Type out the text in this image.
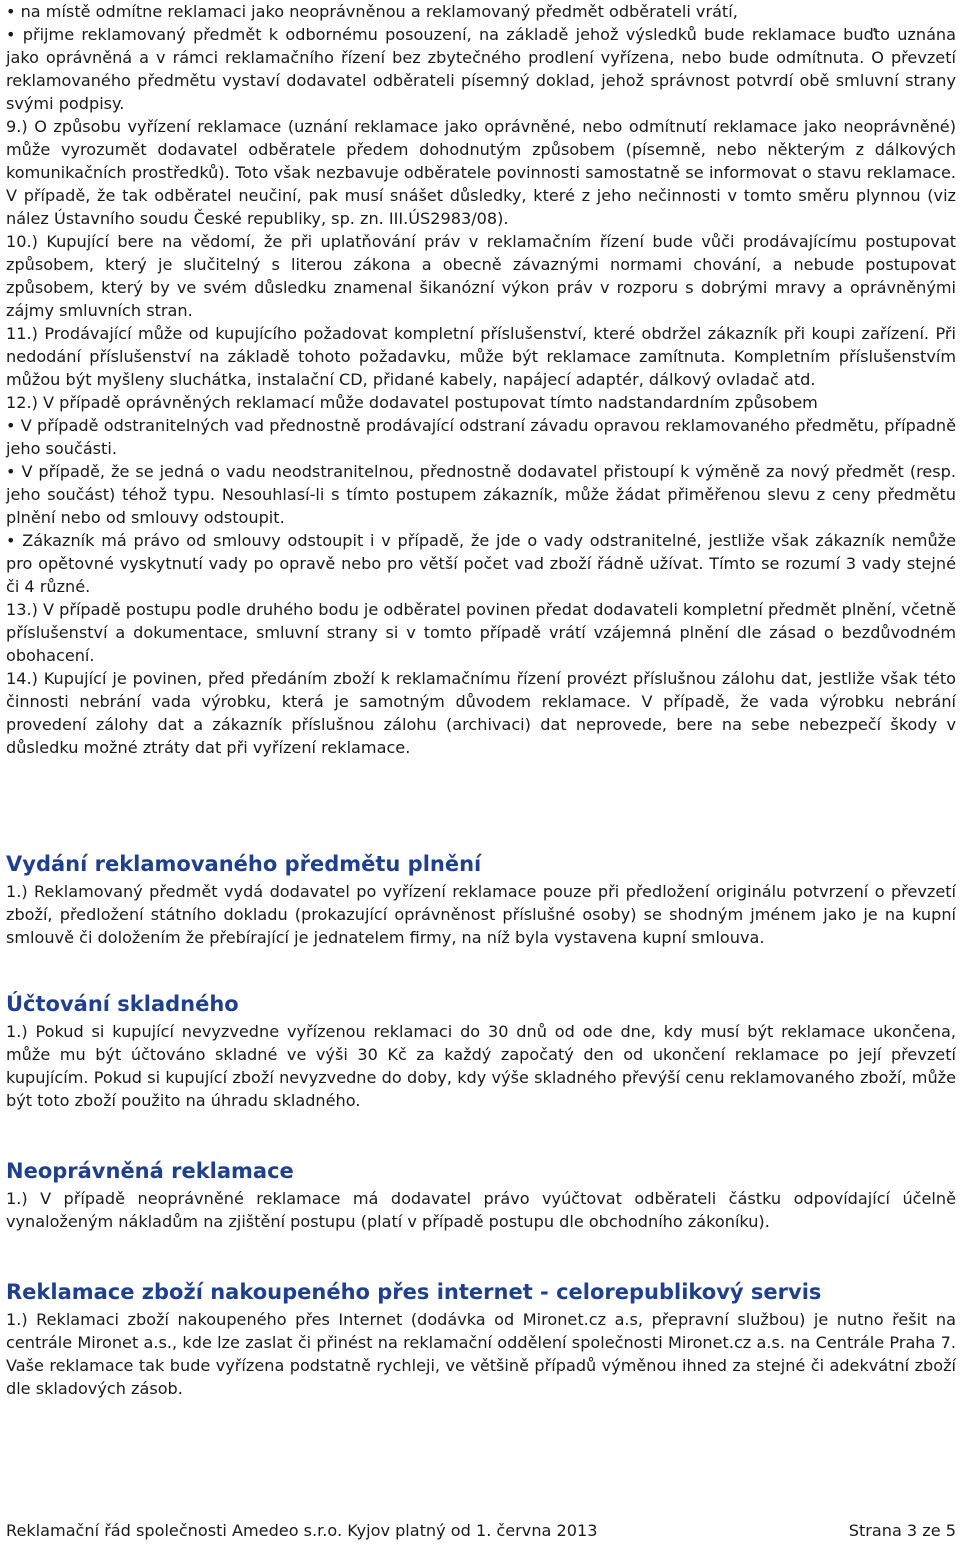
• na místě odmítne reklamaci jako neoprávněnou a reklamovaný předmět odběrateli vrátí,

• přijme reklamovaný předmět k odbornému posouzení, na základě jehož výsledků bude reklamace buďto uznána jako oprávněná a v rámci reklamačního řízení bez zbytečného prodlení vyřízena, nebo bude odmítnuta. O převzetí reklamovaného předmětu vystaví dodavatel odběrateli písemný doklad, jehož správnost potvrdí obě smluvní strany svými podpisy.

9.) O způsobu vyřízení reklamace (uznání reklamace jako oprávněné, nebo odmítnutí reklamace jako neoprávněné) může vyrozumět dodavatel odběratele předem dohodnutým způsobem (písemně, nebo některým z dálkových komunikačních prostředků). Toto však nezbavuje odběratele povinnosti samostatně se informovat o stavu reklamace. V případě, že tak odběratel neučiní, pak musí snášet důsledky, které z jeho nečinnosti v tomto směru plynnou (viz nález Ústavního soudu České republiky, sp. zn. III.ÚS2983/08).

10.) Kupující bere na vědomí, že při uplatňování práv v reklamačním řízení bude vůči prodávajícímu postupovat způsobem, který je slučitelný s literou zákona a obecně závaznými normami chování, a nebude postupovat způsobem, který by ve svém důsledku znamenal šikanózní výkon práv v rozporu s dobrými mravy a oprávněnými zájmy smluvních stran.

11.) Prodávající může od kupujícího požadovat kompletní příslušenství, které obdržel zákazník při koupi zařízení. Při nedodání příslušenství na základě tohoto požadavku, může být reklamace zamítnuta. Kompletním příslušenstvím můžou být myšleny sluchátka, instalační CD, přidané kabely, napájecí adaptér, dálkový ovladač atd.

12.) V případě oprávněných reklamací může dodavatel postupovat tímto nadstandardním způsobem

• V případě odstranitelných vad přednostně prodávající odstraní závadu opravou reklamovaného předmětu, případně jeho součásti.

• V případě, že se jedná o vadu neodstranitelnou, přednostně dodavatel přistoupí k výměně za nový předmět (resp. jeho součást) téhož typu. Nesouhlasí-li s tímto postupem zákazník, může žádat přiměřenou slevu z ceny předmětu plnění nebo od smlouvy odstoupit.

• Zákazník má právo od smlouvy odstoupit i v případě, že jde o vady odstranitelné, jestliže však zákazník nemůže pro opětovné vyskytnutí vady po opravě nebo pro větší počet vad zboží řádně užívat. Tímto se rozumí 3 vady stejné či 4 různé.

13.) V případě postupu podle druhého bodu je odběratel povinen předat dodavateli kompletní předmět plnění, včetně příslušenství a dokumentace, smluvní strany si v tomto případě vrátí vzájemná plnění dle zásad o bezdůvodném obohacení.

14.) Kupující je povinen, před předáním zboží k reklamačnímu řízení provézt příslušnou zálohu dat, jestliže však této činnosti nebrání vada výrobku, která je samotným důvodem reklamace. V případě, že vada výrobku nebrání provedení zálohy dat a zákazník příslušnou zálohu (archivaci) dat neprovede, bere na sebe nebezpečí škody v důsledku možné ztráty dat při vyřízení reklamace.

Vydání reklamovaného předmětu plnění

1.) Reklamovaný předmět vydá dodavatel po vyřízení reklamace pouze při předložení originálu potvrzení o převzetí zboží, předložení státního dokladu (prokazující oprávněnost příslušné osoby) se shodným jménem jako je na kupní smlouvě či doložením že přebírající je jednatelem firmy, na níž byla vystavena kupní smlouva.

Účtování skladného

1.) Pokud si kupující nevyzvedne vyřízenou reklamaci do 30 dnů od ode dne, kdy musí být reklamace ukončena, může mu být účtováno skladné ve výši 30 Kč za každý započatý den od ukončení reklamace po její převzetí kupujícím. Pokud si kupující zboží nevyzvedne do doby, kdy výše skladného převýší cenu reklamovaného zboží, může být toto zboží použito na úhradu skladného.

Neoprávněná reklamace

1.) V případě neoprávněné reklamace má dodavatel právo vyúčtovat odběrateli částku odpovídající účelně vynaloženým nákladům na zjištění postupu (platí v případě postupu dle obchodního zákoníku).

Reklamace zboží nakoupeného přes internet - celorepublikový servis

1.) Reklamaci zboží nakoupeného přes Internet (dodávka od Mironet.cz a.s, přepravní službou) je nutno řešit na centrále Mironet a.s., kde lze zaslat či přinést na reklamační oddělení společnosti Mironet.cz a.s. na Centrále Praha 7. Vaše reklamace tak bude vyřízena podstatně rychleji, ve většině případů výměnou ihned za stejné či adekvátní zboží dle skladových zásob.

Reklamační řád společnosti Amedeo s.r.o. Kyjov platný od 1. června 2013	Strana 3 ze 5
